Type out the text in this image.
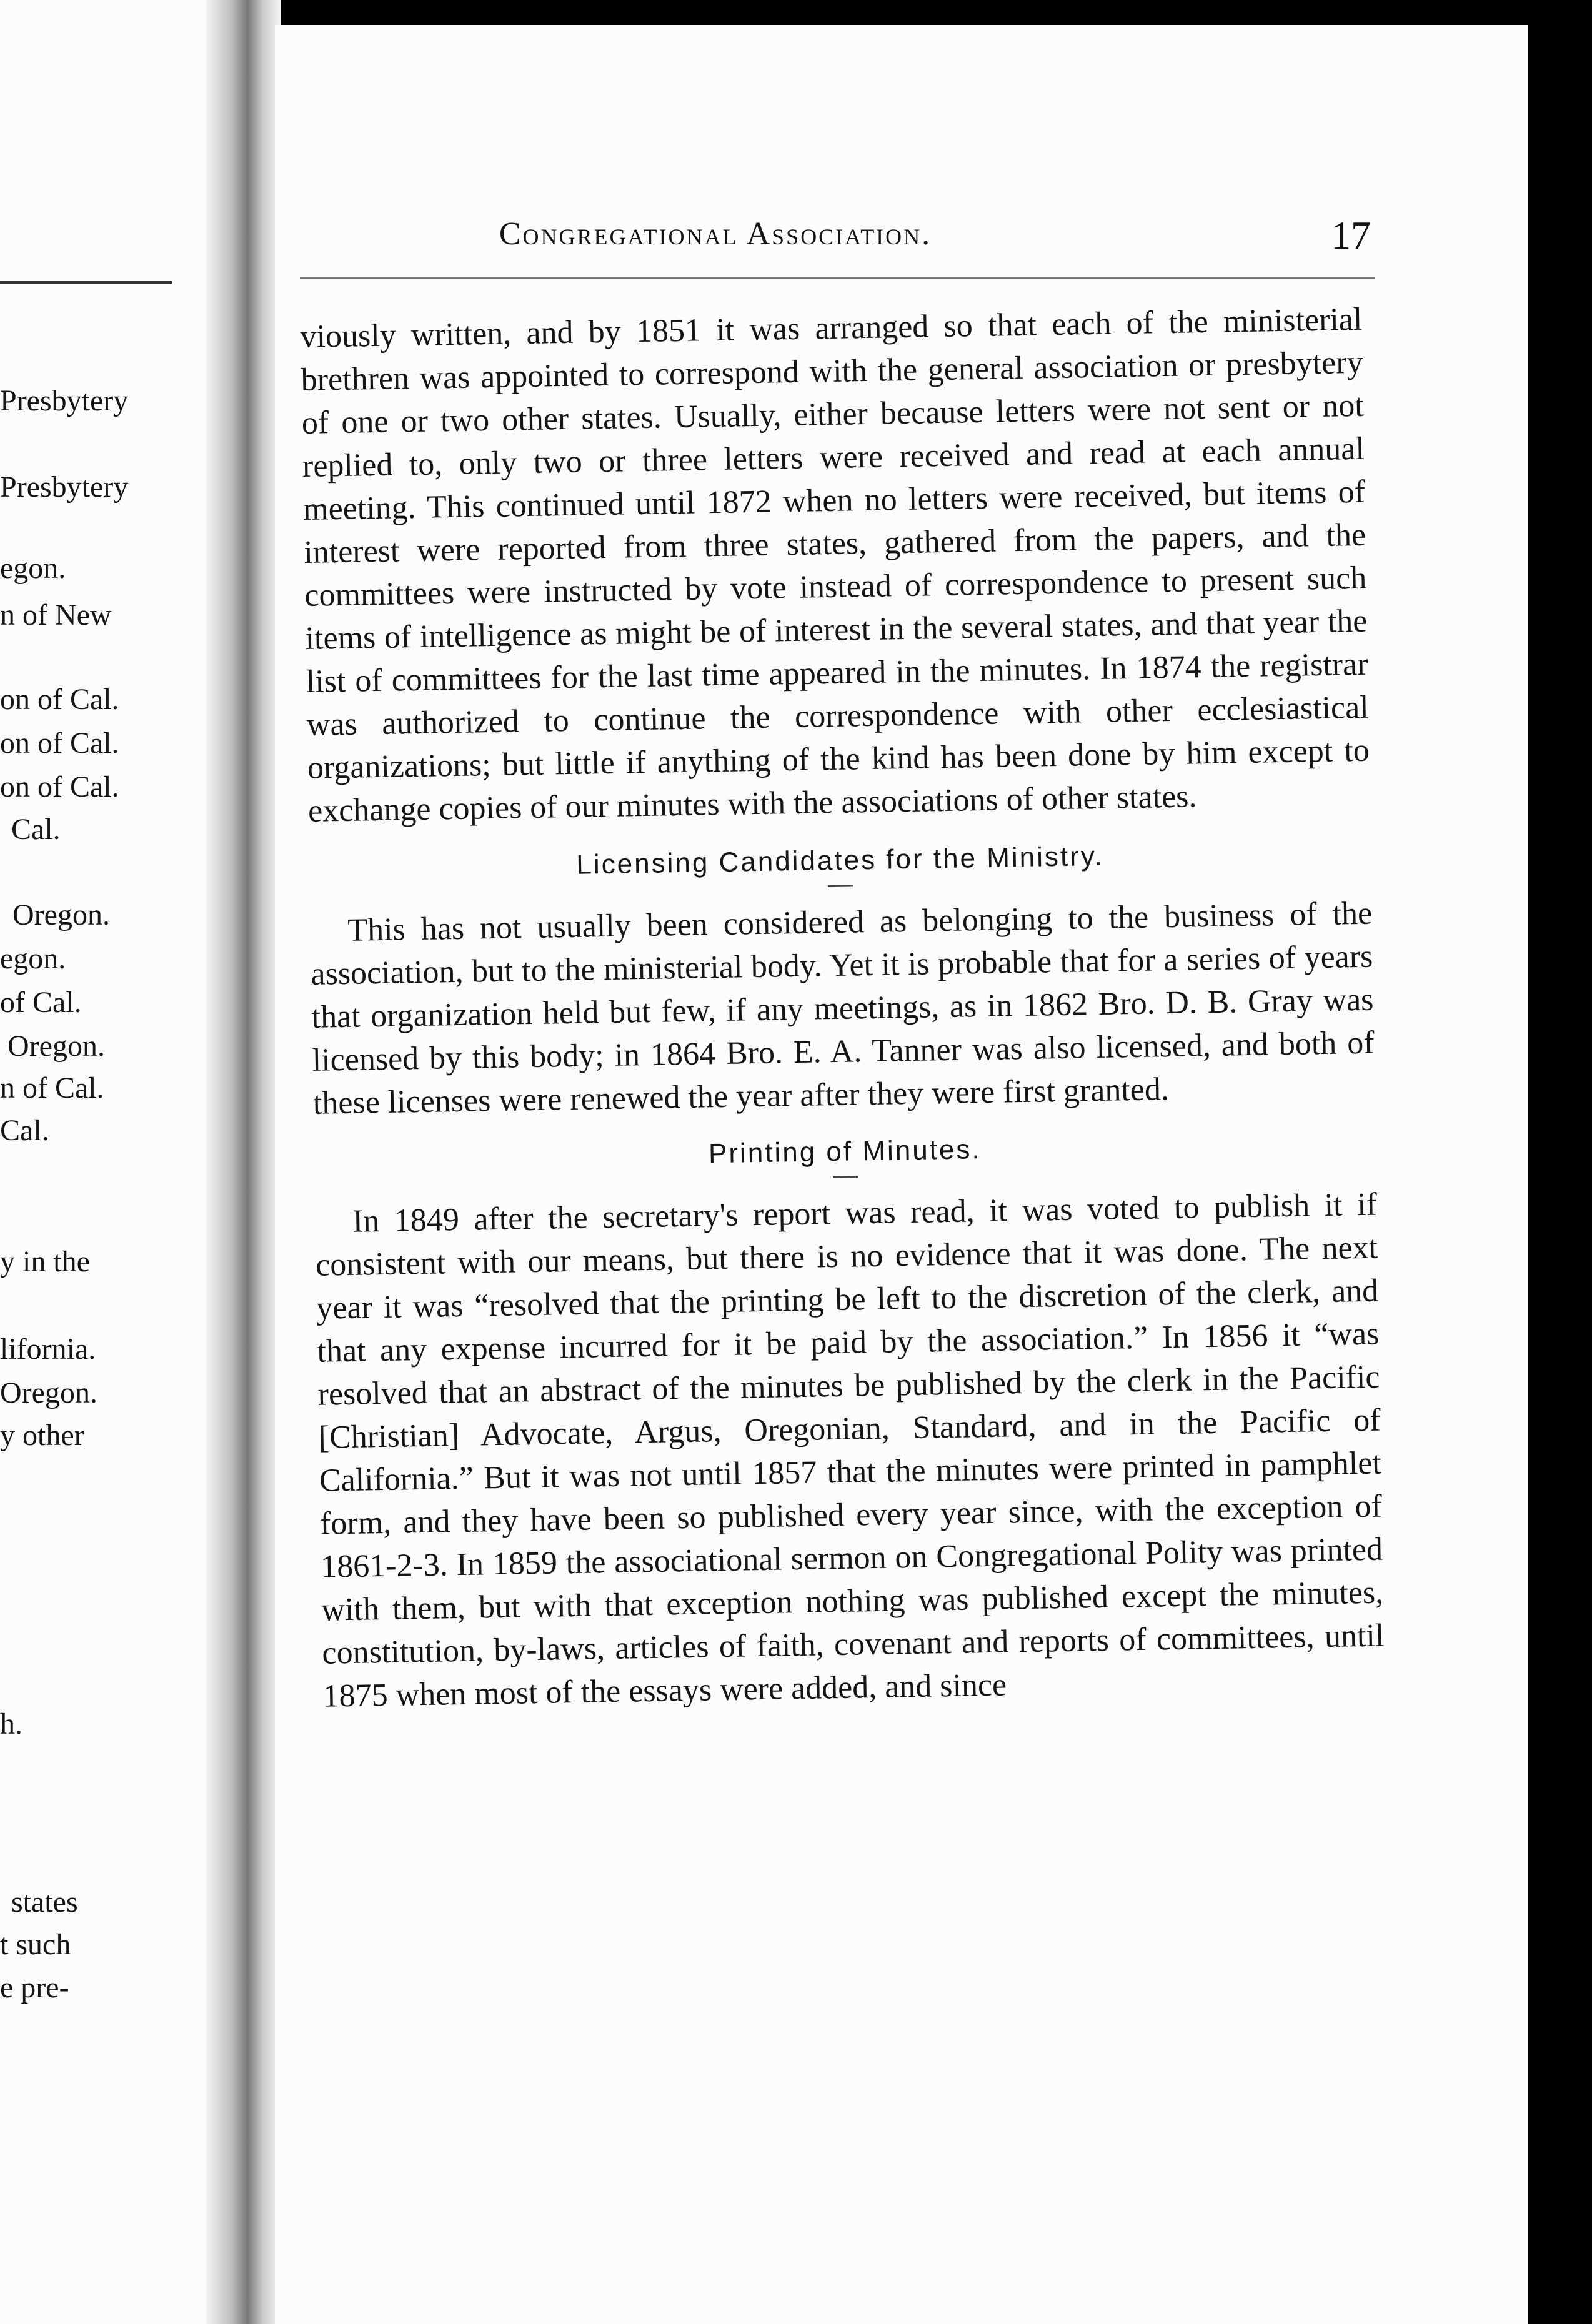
Presbytery
Presbytery
egon.
n of New
on of Cal.
on of Cal.
on of Cal.
Cal.
Oregon.
egon.
of Cal.
Oregon.
n of Cal.
Cal.
y in the
lifornia.
Oregon.
y other
h.
states
t such
e pre-
Congregational Association.	17

viously written, and by 1851 it was arranged so that each of the ministerial brethren was appointed to correspond with the general association or presbytery of one or two other states. Usually, either because letters were not sent or not replied to, only two or three letters were received and read at each annual meeting. This continued until 1872 when no letters were received, but items of interest were reported from three states, gathered from the papers, and the committees were instructed by vote instead of correspondence to present such items of intelligence as might be of interest in the several states, and that year the list of committees for the last time appeared in the minutes. In 1874 the registrar was authorized to continue the correspondence with other ecclesiastical organizations; but little if anything of the kind has been done by him except to exchange copies of our minutes with the associations of other states.

Licensing Candidates for the Ministry.

This has not usually been considered as belonging to the business of the association, but to the ministerial body. Yet it is probable that for a series of years that organization held but few, if any meetings, as in 1862 Bro. D. B. Gray was licensed by this body; in 1864 Bro. E. A. Tanner was also licensed, and both of these licenses were renewed the year after they were first granted.

Printing of Minutes.

In 1849 after the secretary's report was read, it was voted to publish it if consistent with our means, but there is no evidence that it was done. The next year it was “resolved that the printing be left to the discretion of the clerk, and that any expense incurred for it be paid by the association.” In 1856 it “was resolved that an abstract of the minutes be published by the clerk in the Pacific [Christian] Advocate, Argus, Oregonian, Standard, and in the Pacific of California.” But it was not until 1857 that the minutes were printed in pamphlet form, and they have been so published every year since, with the exception of 1861-2-3. In 1859 the associational sermon on Congregational Polity was printed with them, but with that exception nothing was published except the minutes, constitution, by-laws, articles of faith, covenant and reports of committees, until 1875 when most of the essays were added, and since
